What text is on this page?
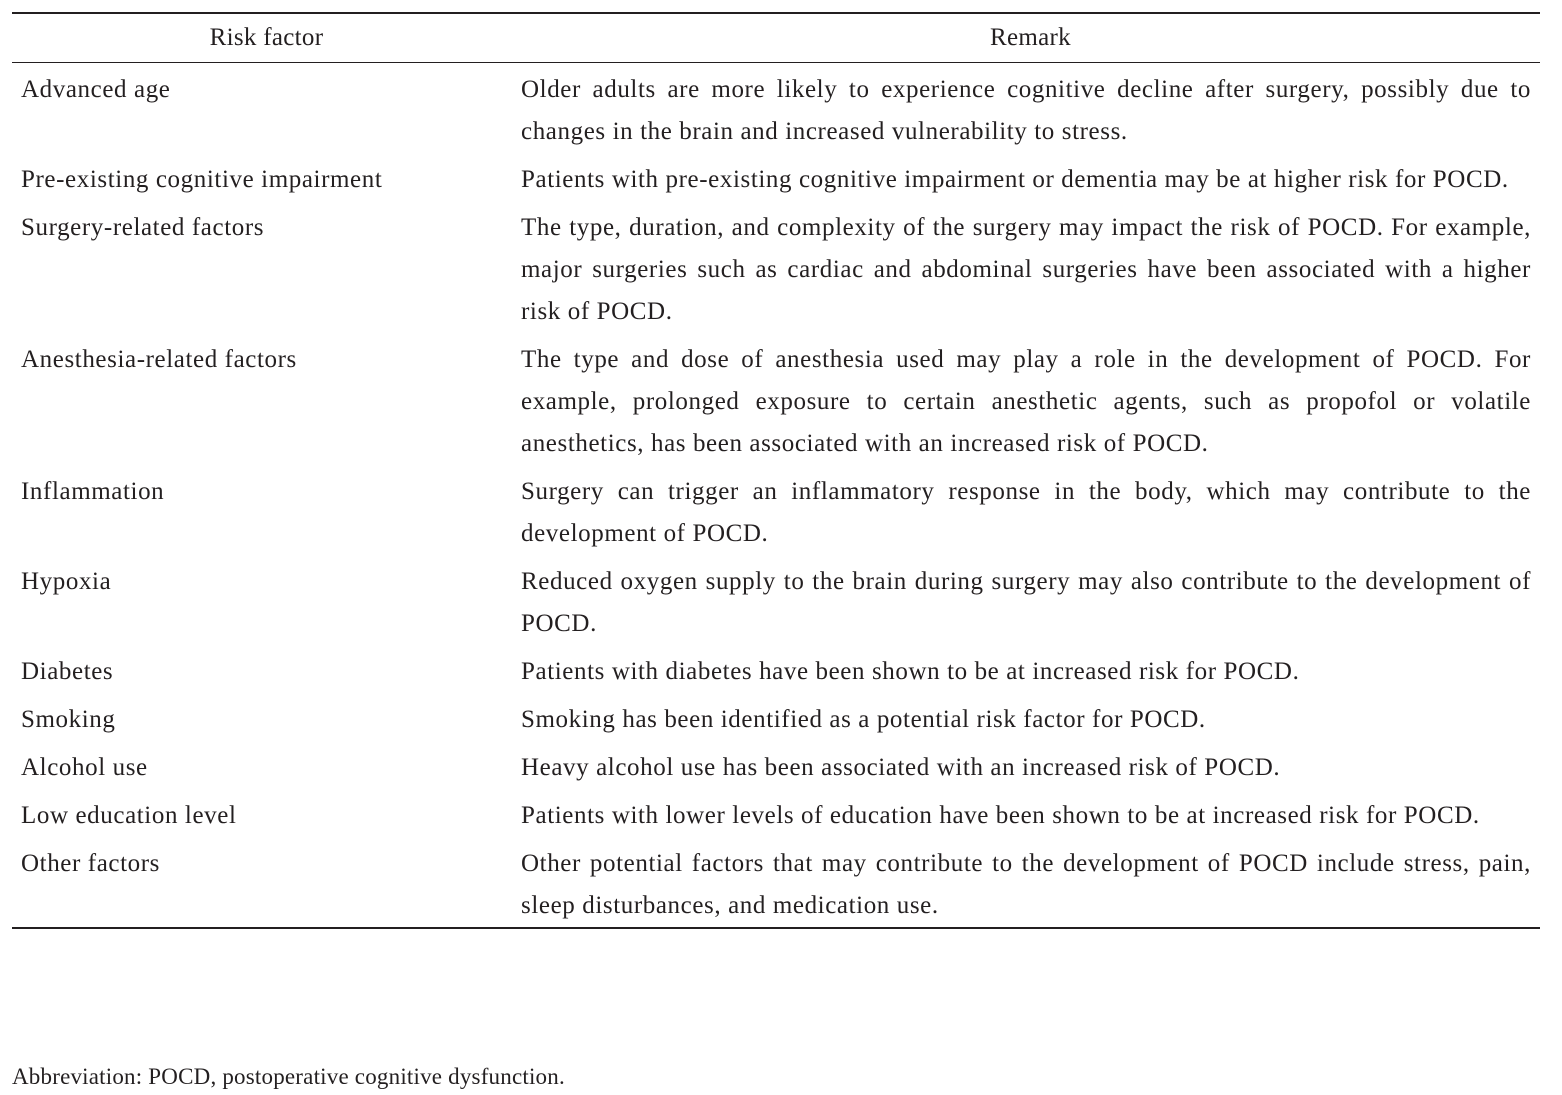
Risk factor	Remark
Advanced age	Older adults are more likely to experience cognitive decline after surgery, possibly due to changes in the brain and increased vulnerability to stress.
Pre-existing cognitive impairment	Patients with pre-existing cognitive impairment or dementia may be at higher risk for POCD.
Surgery-related factors	The type, duration, and complexity of the surgery may impact the risk of POCD. For example, major surgeries such as cardiac and abdominal surgeries have been associated with a higher risk of POCD.
Anesthesia-related factors	The type and dose of anesthesia used may play a role in the development of POCD. For example, prolonged exposure to certain anesthetic agents, such as propofol or volatile anesthetics, has been associated with an increased risk of POCD.
Inflammation	Surgery can trigger an inflammatory response in the body, which may contribute to the development of POCD.
Hypoxia	Reduced oxygen supply to the brain during surgery may also contribute to the development of POCD.
Diabetes	Patients with diabetes have been shown to be at increased risk for POCD.
Smoking	Smoking has been identified as a potential risk factor for POCD.
Alcohol use	Heavy alcohol use has been associated with an increased risk of POCD.
Low education level	Patients with lower levels of education have been shown to be at increased risk for POCD.
Other factors	Other potential factors that may contribute to the development of POCD include stress, pain, sleep disturbances, and medication use.
Abbreviation: POCD, postoperative cognitive dysfunction.
